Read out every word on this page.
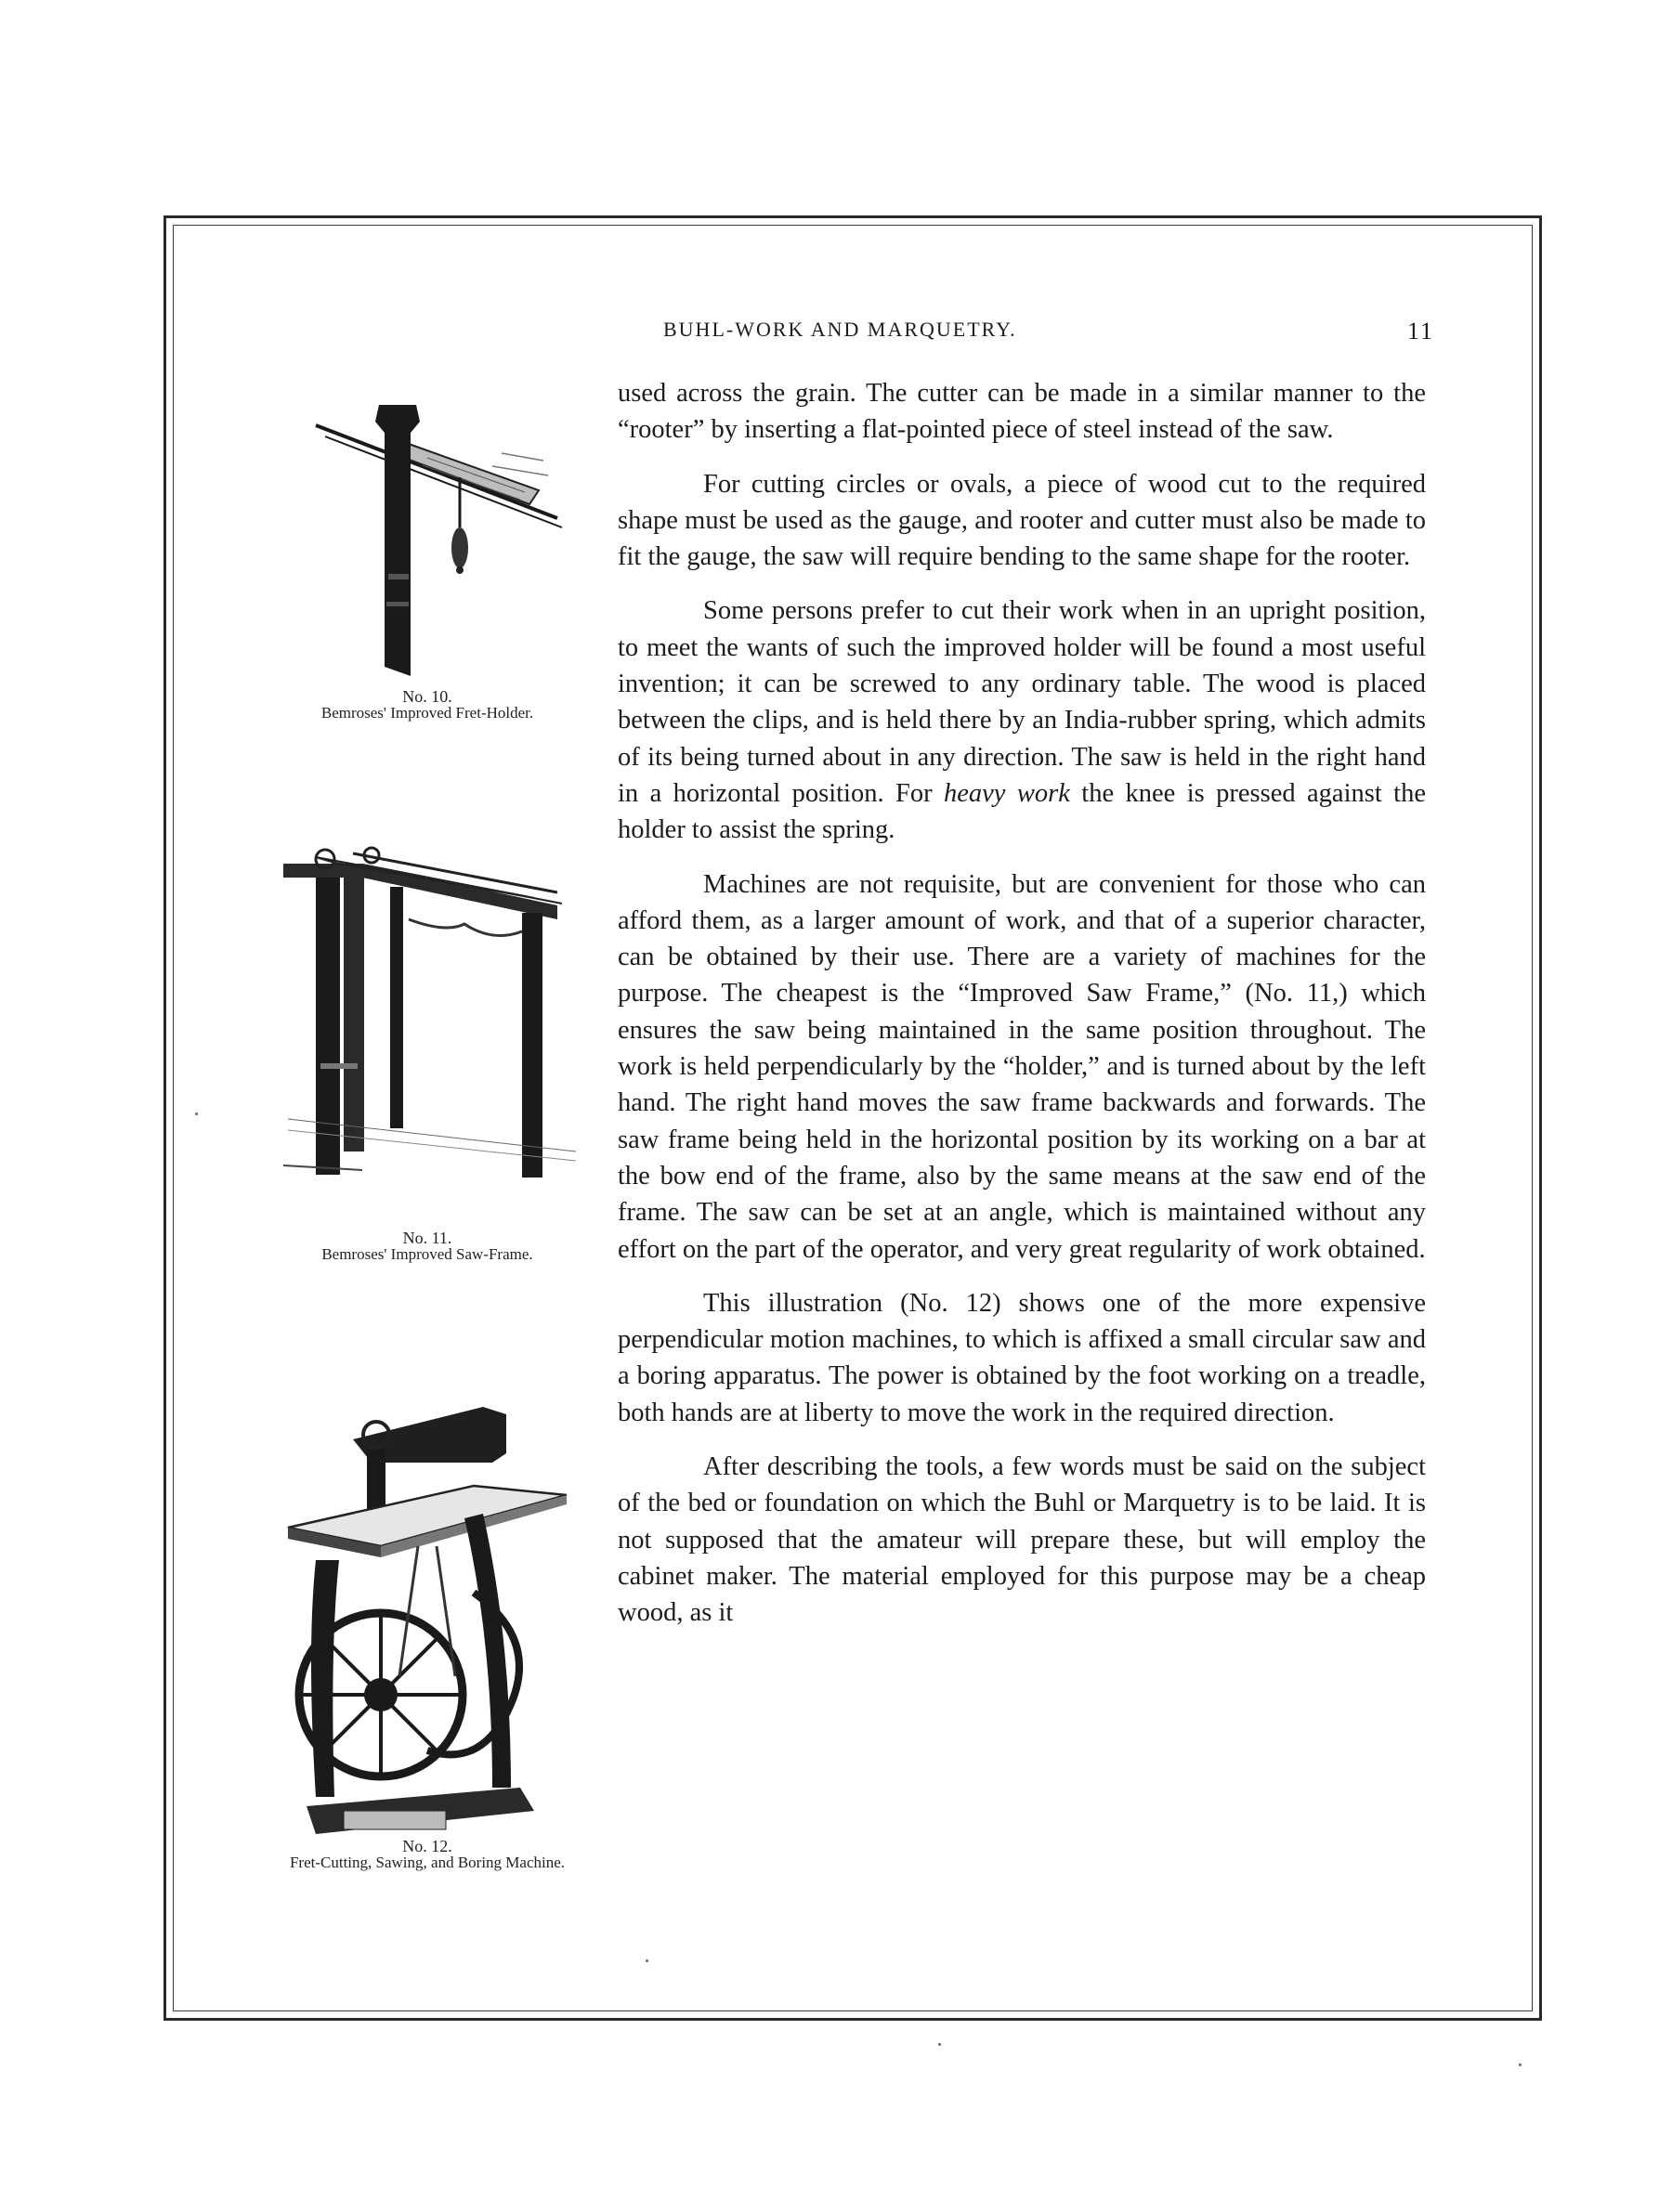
BUHL-WORK AND MARQUETRY.	11
No. 10.
Bemroses' Improved Fret-Holder.
No. 11.
Bemroses' Improved Saw-Frame.
No. 12.
Fret-Cutting, Sawing, and Boring Machine.

used across the grain. The cutter can be made in a similar manner to the “rooter” by inserting a flat-pointed piece of steel instead of the saw.

For cutting circles or ovals, a piece of wood cut to the required shape must be used as the gauge, and rooter and cutter must also be made to fit the gauge, the saw will require bending to the same shape for the rooter.

Some persons prefer to cut their work when in an upright position, to meet the wants of such the improved holder will be found a most useful invention; it can be screwed to any ordinary table. The wood is placed between the clips, and is held there by an India-rubber spring, which admits of its being turned about in any direction. The saw is held in the right hand in a horizontal position. For heavy work the knee is pressed against the holder to assist the spring.

Machines are not requisite, but are convenient for those who can afford them, as a larger amount of work, and that of a superior character, can be obtained by their use. There are a variety of machines for the purpose. The cheapest is the “Improved Saw Frame,” (No. 11,) which ensures the saw being maintained in the same position throughout. The work is held perpendicularly by the “holder,” and is turned about by the left hand. The right hand moves the saw frame backwards and forwards. The saw frame being held in the horizontal position by its working on a bar at the bow end of the frame, also by the same means at the saw end of the frame. The saw can be set at an angle, which is maintained without any effort on the part of the operator, and very great regularity of work obtained.

This illustration (No. 12) shows one of the more expensive perpendicular motion machines, to which is affixed a small circular saw and a boring apparatus. The power is obtained by the foot working on a treadle, both hands are at liberty to move the work in the required direction.

After describing the tools, a few words must be said on the subject of the bed or foundation on which the Buhl or Marquetry is to be laid. It is not supposed that the amateur will prepare these, but will employ the cabinet maker. The material employed for this purpose may be a cheap wood, as it
